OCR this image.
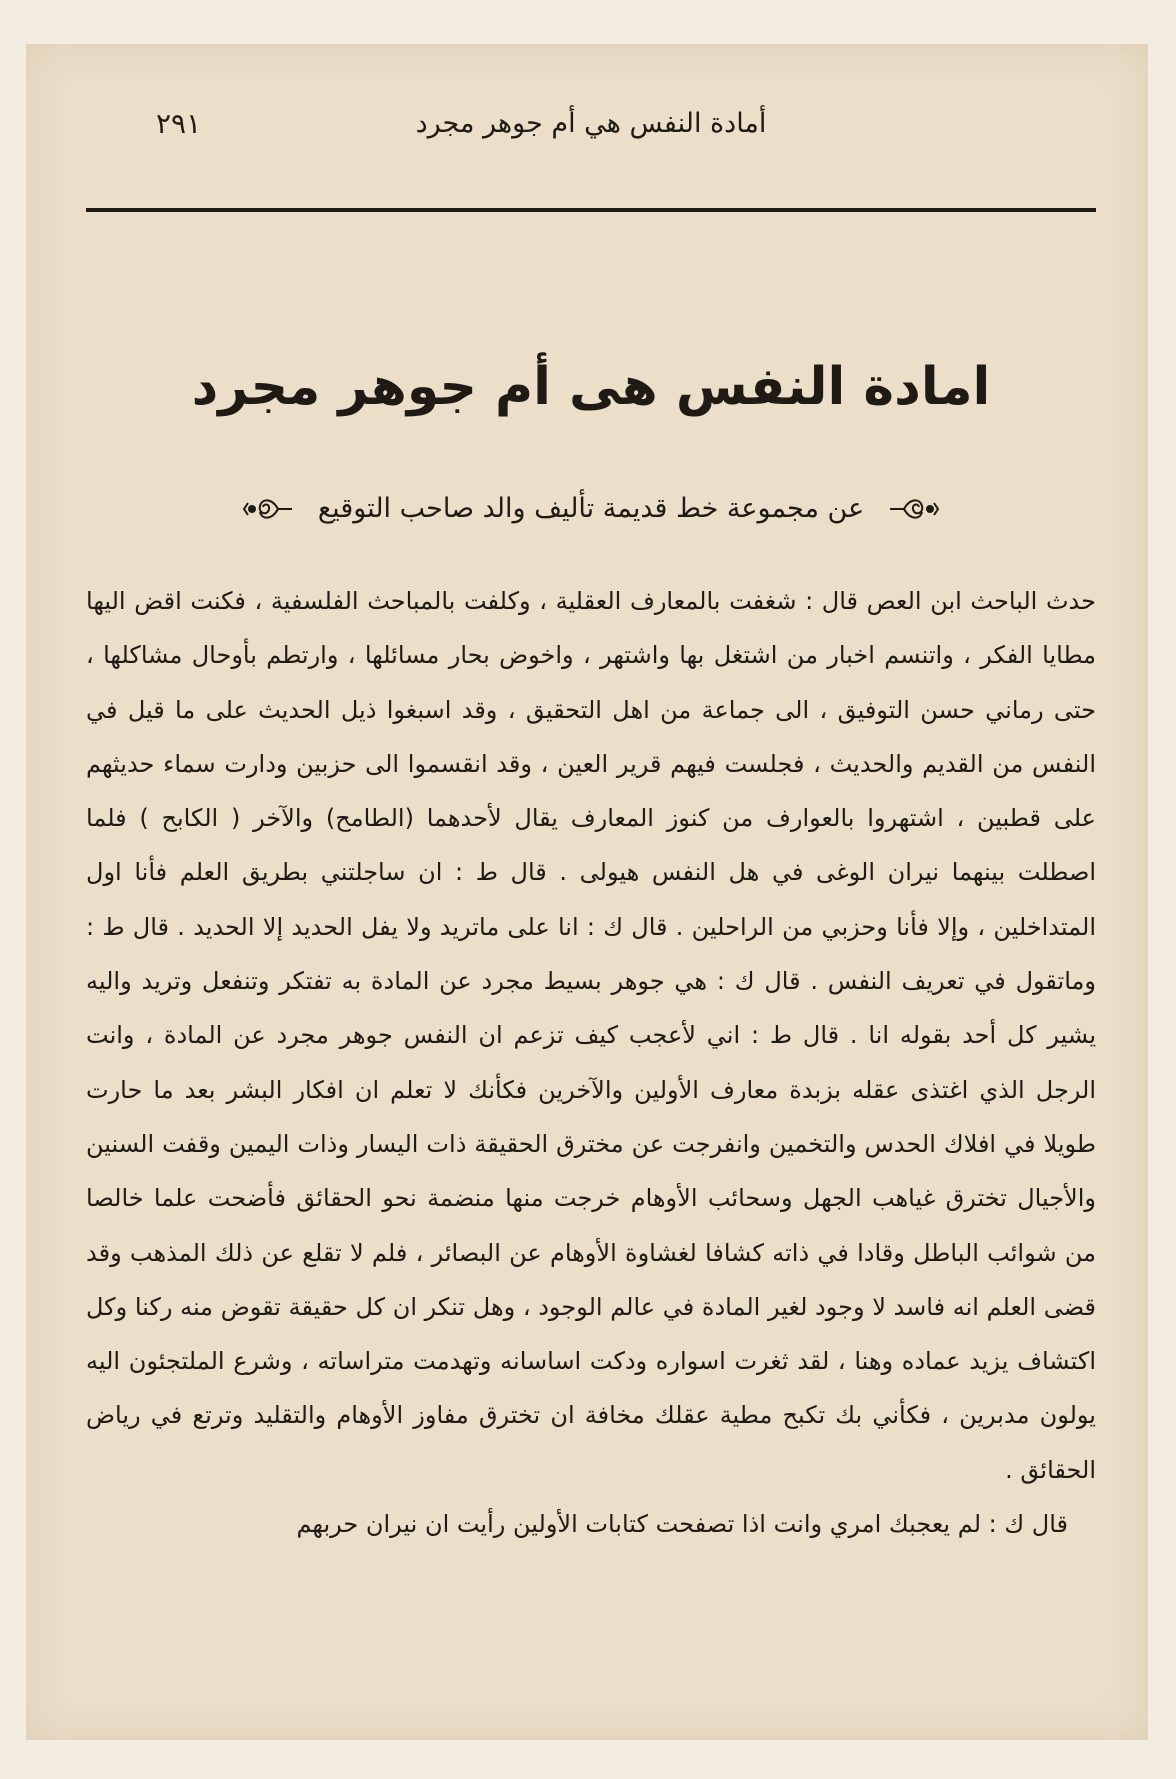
أمادة النفس هي أم جوهر مجرد
٢٩١
امادة النفس هى أم جوهر مجرد
عن مجموعة خط قديمة تأليف والد صاحب التوقيع

حدث الباحث ابن العص قال : شغفت بالمعارف العقلية ، وكلفت بالمباحث الفلسفية ، فكنت اقض اليها مطايا الفكر ، واتنسم اخبار من اشتغل بها واشتهر ، واخوض بحار مسائلها ، وارتطم بأوحال مشاكلها ، حتى رماني حسن التوفيق ، الى جماعة من اهل التحقيق ، وقد اسبغوا ذيل الحديث على ما قيل في النفس من القديم والحديث ، فجلست فيهم قرير العين ، وقد انقسموا الى حزبين ودارت سماء حديثهم على قطبين ، اشتهروا بالعوارف من كنوز المعارف يقال لأحدهما (الطامح) والآخر ( الكابح ) فلما اصطلت بينهما نيران الوغى في هل النفس هيولى . قال ط : ان ساجلتني بطريق العلم فأنا اول المتداخلين ، وإلا فأنا وحزبي من الراحلين . قال ك : انا على ماتريد ولا يفل الحديد إلا الحديد . قال ط : وماتقول في تعريف النفس . قال ك : هي جوهر بسيط مجرد عن المادة به تفتكر وتنفعل وتريد واليه يشير كل أحد بقوله انا . قال ط : اني لأعجب كيف تزعم ان النفس جوهر مجرد عن المادة ، وانت الرجل الذي اغتذى عقله بزبدة معارف الأولين والآخرين فكأنك لا تعلم ان افكار البشر بعد ما حارت طويلا في افلاك الحدس والتخمين وانفرجت عن مخترق الحقيقة ذات اليسار وذات اليمين وقفت السنين والأجيال تخترق غياهب الجهل وسحائب الأوهام خرجت منها منضمة نحو الحقائق فأضحت علما خالصا من شوائب الباطل وقادا في ذاته كشافا لغشاوة الأوهام عن البصائر ، فلم لا تقلع عن ذلك المذهب وقد قضى العلم انه فاسد لا وجود لغير المادة في عالم الوجود ، وهل تنكر ان كل حقيقة تقوض منه ركنا وكل اكتشاف يزيد عماده وهنا ، لقد ثغرت اسواره ودكت اساسانه وتهدمت متراساته ، وشرع الملتجئون اليه يولون مدبرين ، فكأني بك تكبح مطية عقلك مخافة ان تخترق مفاوز الأوهام والتقليد وترتع في رياض الحقائق .

قال ك : لم يعجبك امري وانت اذا تصفحت كتابات الأولين رأيت ان نيران حربهم
